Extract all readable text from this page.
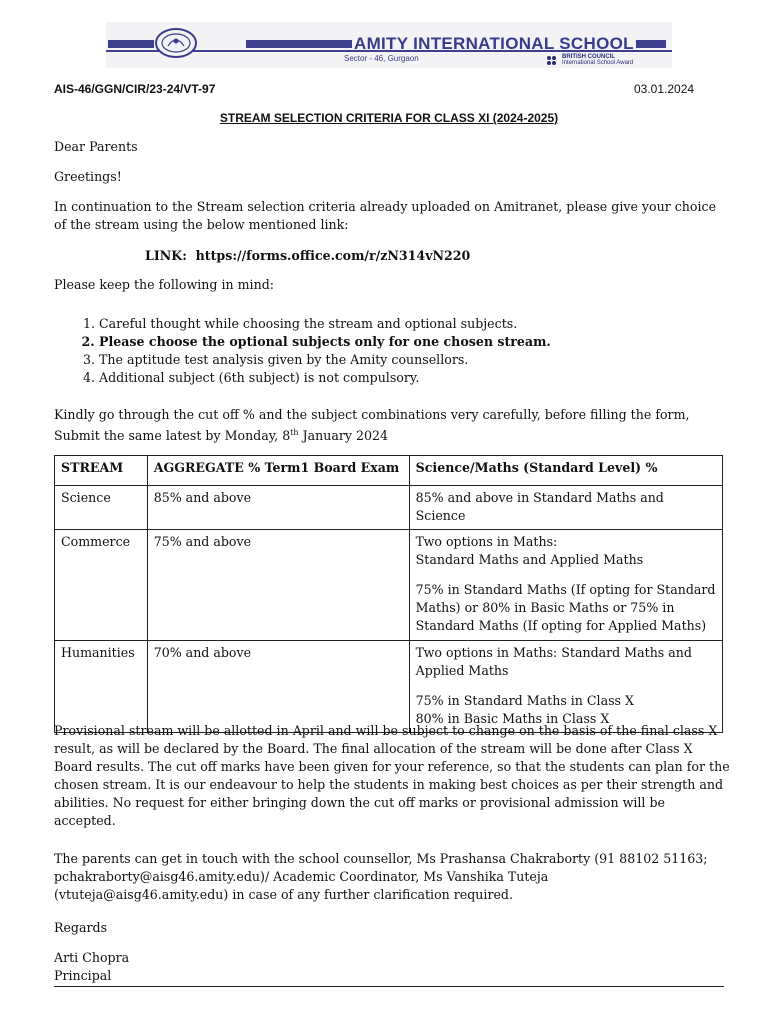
AMITY INTERNATIONAL SCHOOL
Sector - 46, Gurgaon	BRITISH COUNCIL
International School Award
AIS-46/GGN/CIR/23-24/VT-97	03.01.2024
STREAM SELECTION CRITERIA FOR CLASS XI (2024-2025)
Dear Parents
Greetings!
In continuation to the Stream selection criteria already uploaded on Amitranet, please give your choice
of the stream using the below mentioned link:
LINK: https://forms.office.com/r/zN314vN220
Please keep the following in mind:
1. Careful thought while choosing the stream and optional subjects.
2. Please choose the optional subjects only for one chosen stream.
3. The aptitude test analysis given by the Amity counsellors.
4. Additional subject (6th subject) is not compulsory.
Kindly go through the cut off % and the subject combinations very carefully, before filling the form,
Submit the same latest by Monday, 8th January 2024
STREAM	AGGREGATE % Term1 Board Exam	Science/Maths (Standard Level) %
Science	85% and above	85% and above in Standard Maths and Science

Commerce	75% and above	Two options in Maths:
Standard Maths and Applied Maths
75% in Standard Maths (If opting for Standard
Maths) or 80% in Basic Maths or 75% in
Standard Maths (If opting for Applied Maths)

Humanities	70% and above	Two options in Maths: Standard Maths and
Applied Maths
75% in Standard Maths in Class X
80% in Basic Maths in Class X
Provisional stream will be allotted in April and will be subject to change on the basis of the final class X
result, as will be declared by the Board. The final allocation of the stream will be done after Class X
Board results. The cut off marks have been given for your reference, so that the students can plan for the
chosen stream. It is our endeavour to help the students in making best choices as per their strength and
abilities. No request for either bringing down the cut off marks or provisional admission will be
accepted.
The parents can get in touch with the school counsellor, Ms Prashansa Chakraborty (91 88102 51163;
pchakraborty@aisg46.amity.edu)/ Academic Coordinator, Ms Vanshika Tuteja
(vtuteja@aisg46.amity.edu) in case of any further clarification required.
Regards
Arti Chopra
Principal
